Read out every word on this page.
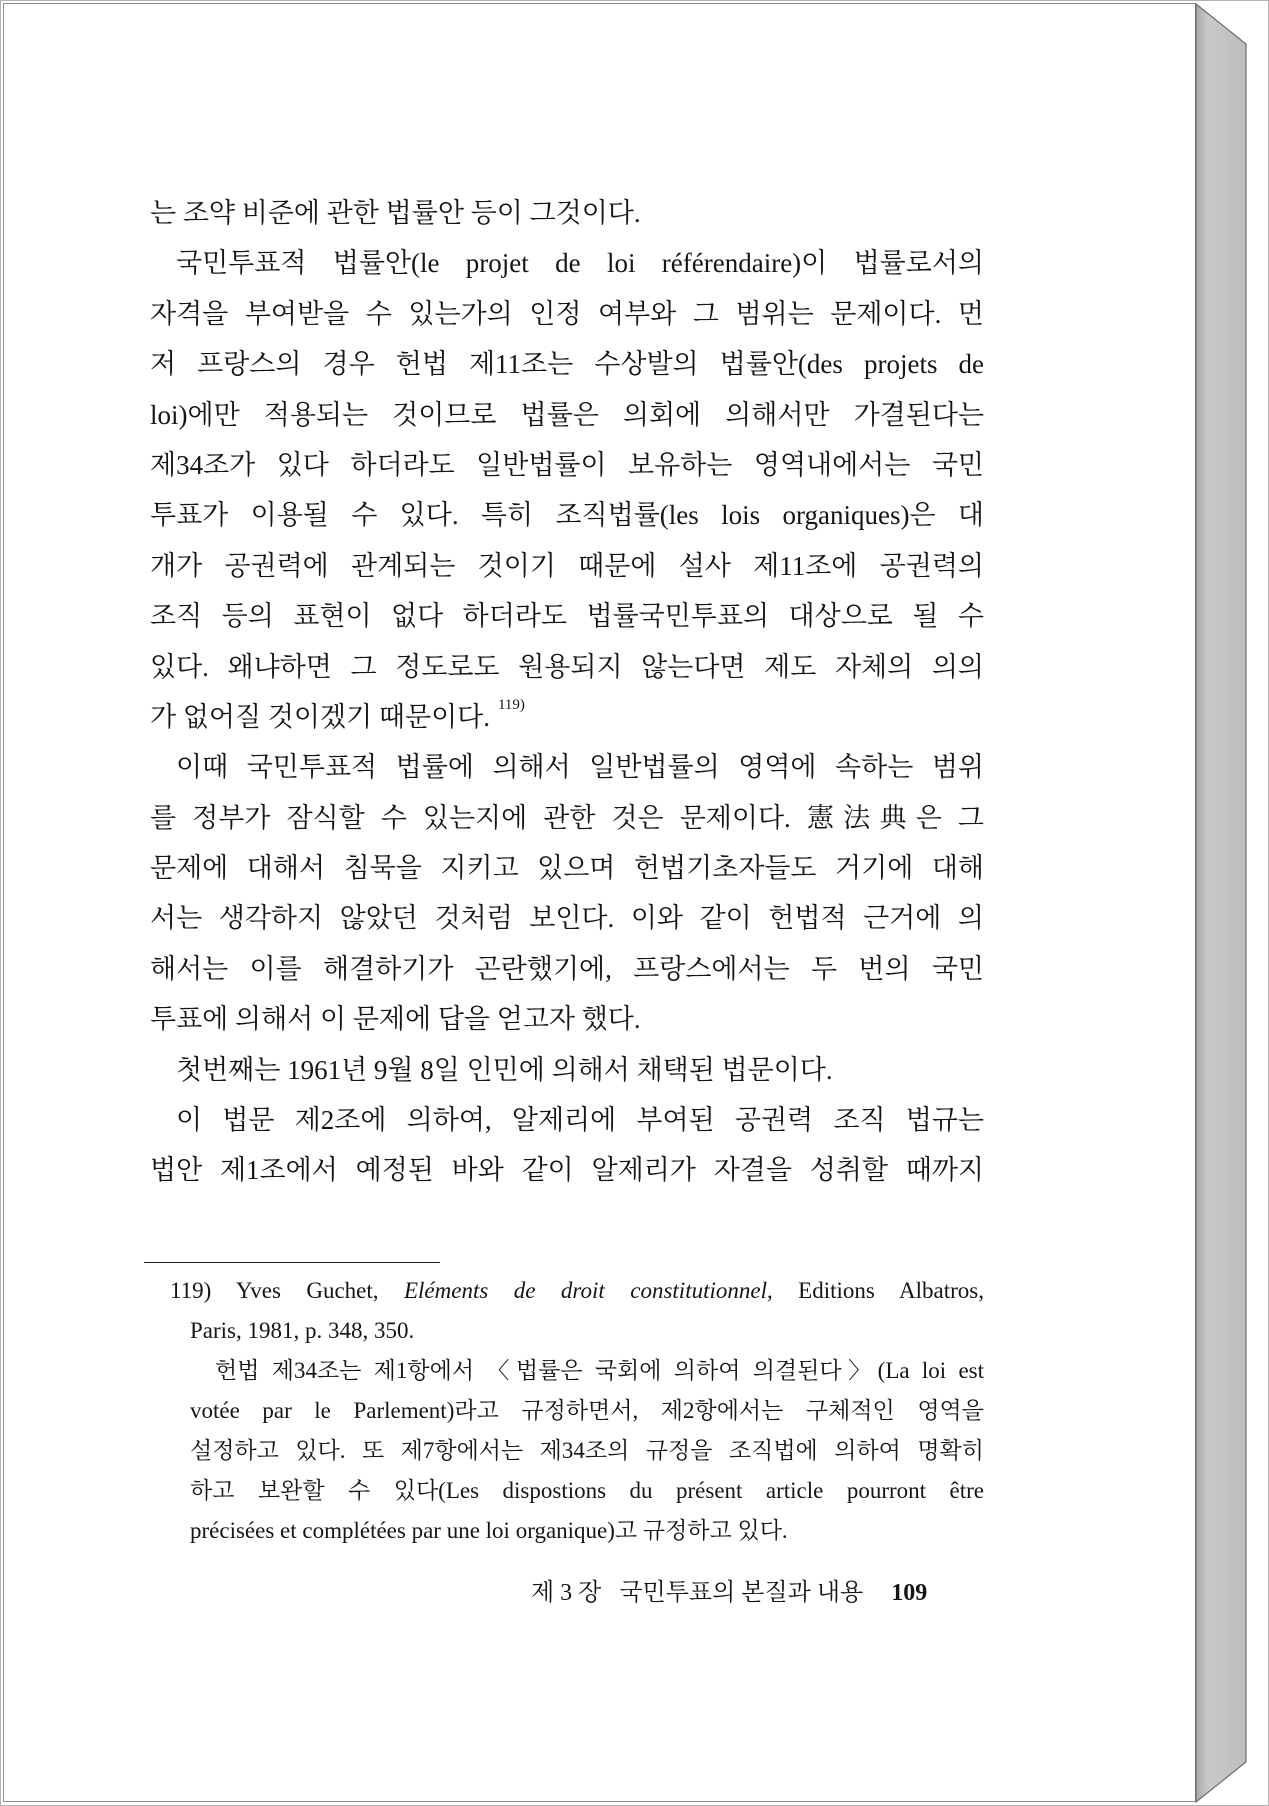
는 조약 비준에 관한 법률안 등이 그것이다.
국민투표적 법률안(le projet de loi référendaire)이 법률로서의
자격을 부여받을 수 있는가의 인정 여부와 그 범위는 문제이다. 먼
저 프랑스의 경우 헌법 제11조는 수상발의 법률안(des projets de
loi)에만 적용되는 것이므로 법률은 의회에 의해서만 가결된다는
제34조가 있다 하더라도 일반법률이 보유하는 영역내에서는 국민
투표가 이용될 수 있다. 특히 조직법률(les lois organiques)은 대
개가 공권력에 관계되는 것이기 때문에 설사 제11조에 공권력의
조직 등의 표현이 없다 하더라도 법률국민투표의 대상으로 될 수
있다. 왜냐하면 그 정도로도 원용되지 않는다면 제도 자체의 의의
가 없어질 것이겠기 때문이다. $^{119)}$
이때 국민투표적 법률에 의해서 일반법률의 영역에 속하는 범위
를 정부가 잠식할 수 있는지에 관한 것은 문제이다. 憲法典은 그
문제에 대해서 침묵을 지키고 있으며 헌법기초자들도 거기에 대해
서는 생각하지 않았던 것처럼 보인다. 이와 같이 헌법적 근거에 의
해서는 이를 해결하기가 곤란했기에, 프랑스에서는 두 번의 국민
투표에 의해서 이 문제에 답을 얻고자 했다.
첫번째는 1961년 9월 8일 인민에 의해서 채택된 법문이다.
이 법문 제2조에 의하여, 알제리에 부여된 공권력 조직 법규는
법안 제1조에서 예정된 바와 같이 알제리가 자결을 성취할 때까지
119) Yves Guchet, Eléments de droit constitutionnel, Editions Albatros,
Paris, 1981, p. 348, 350.
헌법 제34조는 제1항에서 〈법률은 국회에 의하여 의결된다〉(La loi est
votée par le Parlement)라고 규정하면서, 제2항에서는 구체적인 영역을
설정하고 있다. 또 제7항에서는 제34조의 규정을 조직법에 의하여 명확히
하고 보완할 수 있다(Les dispostions du présent article pourront être
précisées et complétées par une loi organique)고 규정하고 있다.
제 3 장 국민투표의 본질과 내용 109
